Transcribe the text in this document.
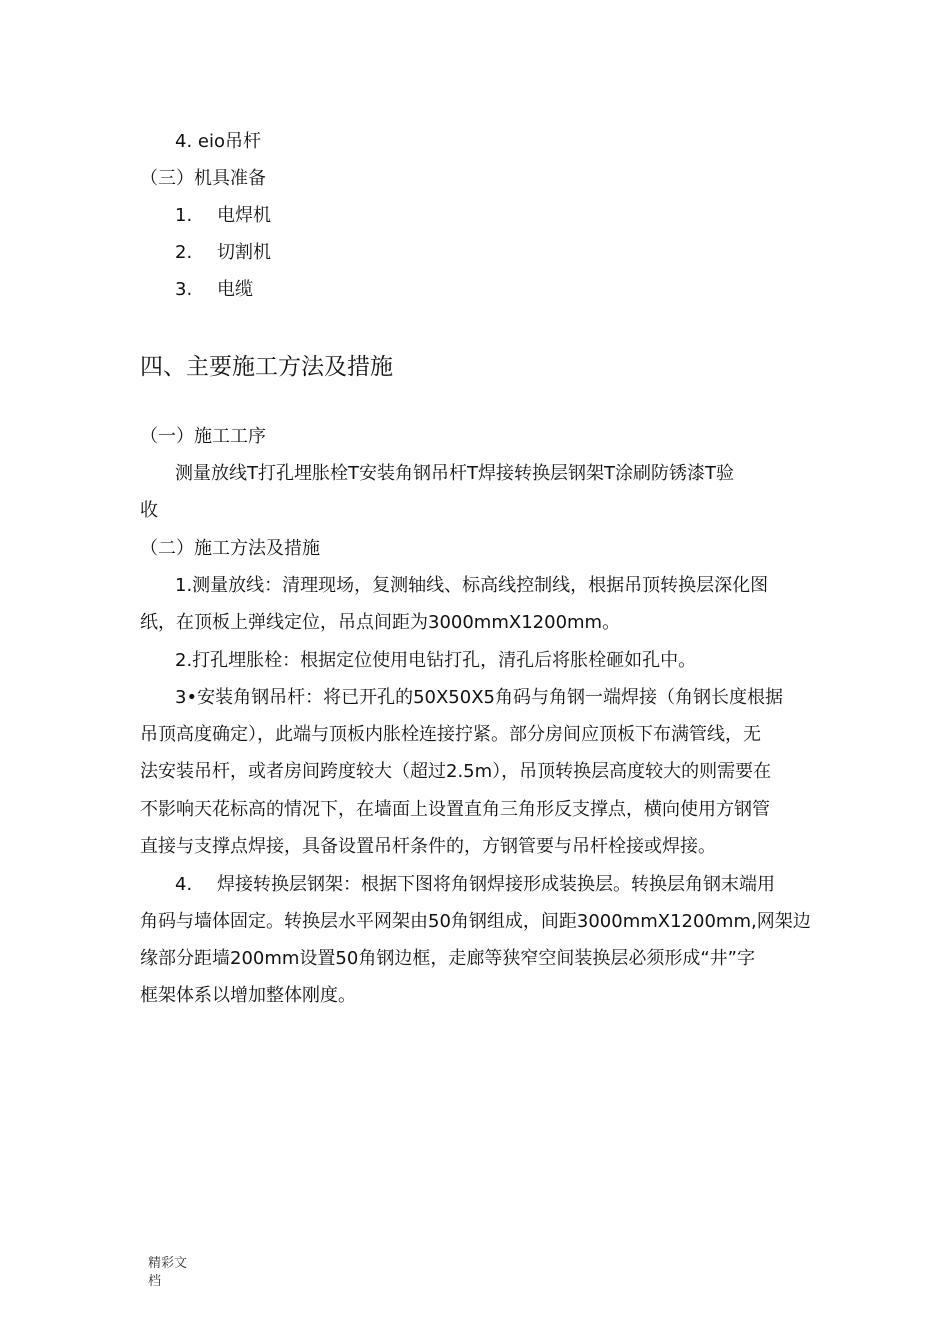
4. eio吊杆
（三）机具准备
1. 电焊机
2. 切割机
3. 电缆
四、主要施工方法及措施
（一）施工工序
测量放线T打孔埋胀栓T安装角钢吊杆T焊接转换层钢架T涂刷防锈漆T验
收
（二）施工方法及措施
1.测量放线：清理现场，复测轴线、标高线控制线，根据吊顶转换层深化图
纸，在顶板上弹线定位，吊点间距为3000mmX1200mm。
2.打孔埋胀栓：根据定位使用电钻打孔，清孔后将胀栓砸如孔中。
3•安装角钢吊杆：将已开孔的50X50X5角码与角钢一端焊接（角钢长度根据
吊顶高度确定），此端与顶板内胀栓连接拧紧。部分房间应顶板下布满管线，无
法安装吊杆，或者房间跨度较大（超过2.5m），吊顶转换层高度较大的则需要在
不影响天花标高的情况下，在墙面上设置直角三角形反支撑点，横向使用方钢管
直接与支撑点焊接，具备设置吊杆条件的，方钢管要与吊杆栓接或焊接。
4. 焊接转换层钢架：根据下图将角钢焊接形成装换层。转换层角钢末端用
角码与墙体固定。转换层水平网架由50角钢组成，间距3000mmX1200mm,网架边
缘部分距墙200mm设置50角钢边框，走廊等狭窄空间装换层必须形成“井”字
框架体系以增加整体刚度。
精彩文
档
